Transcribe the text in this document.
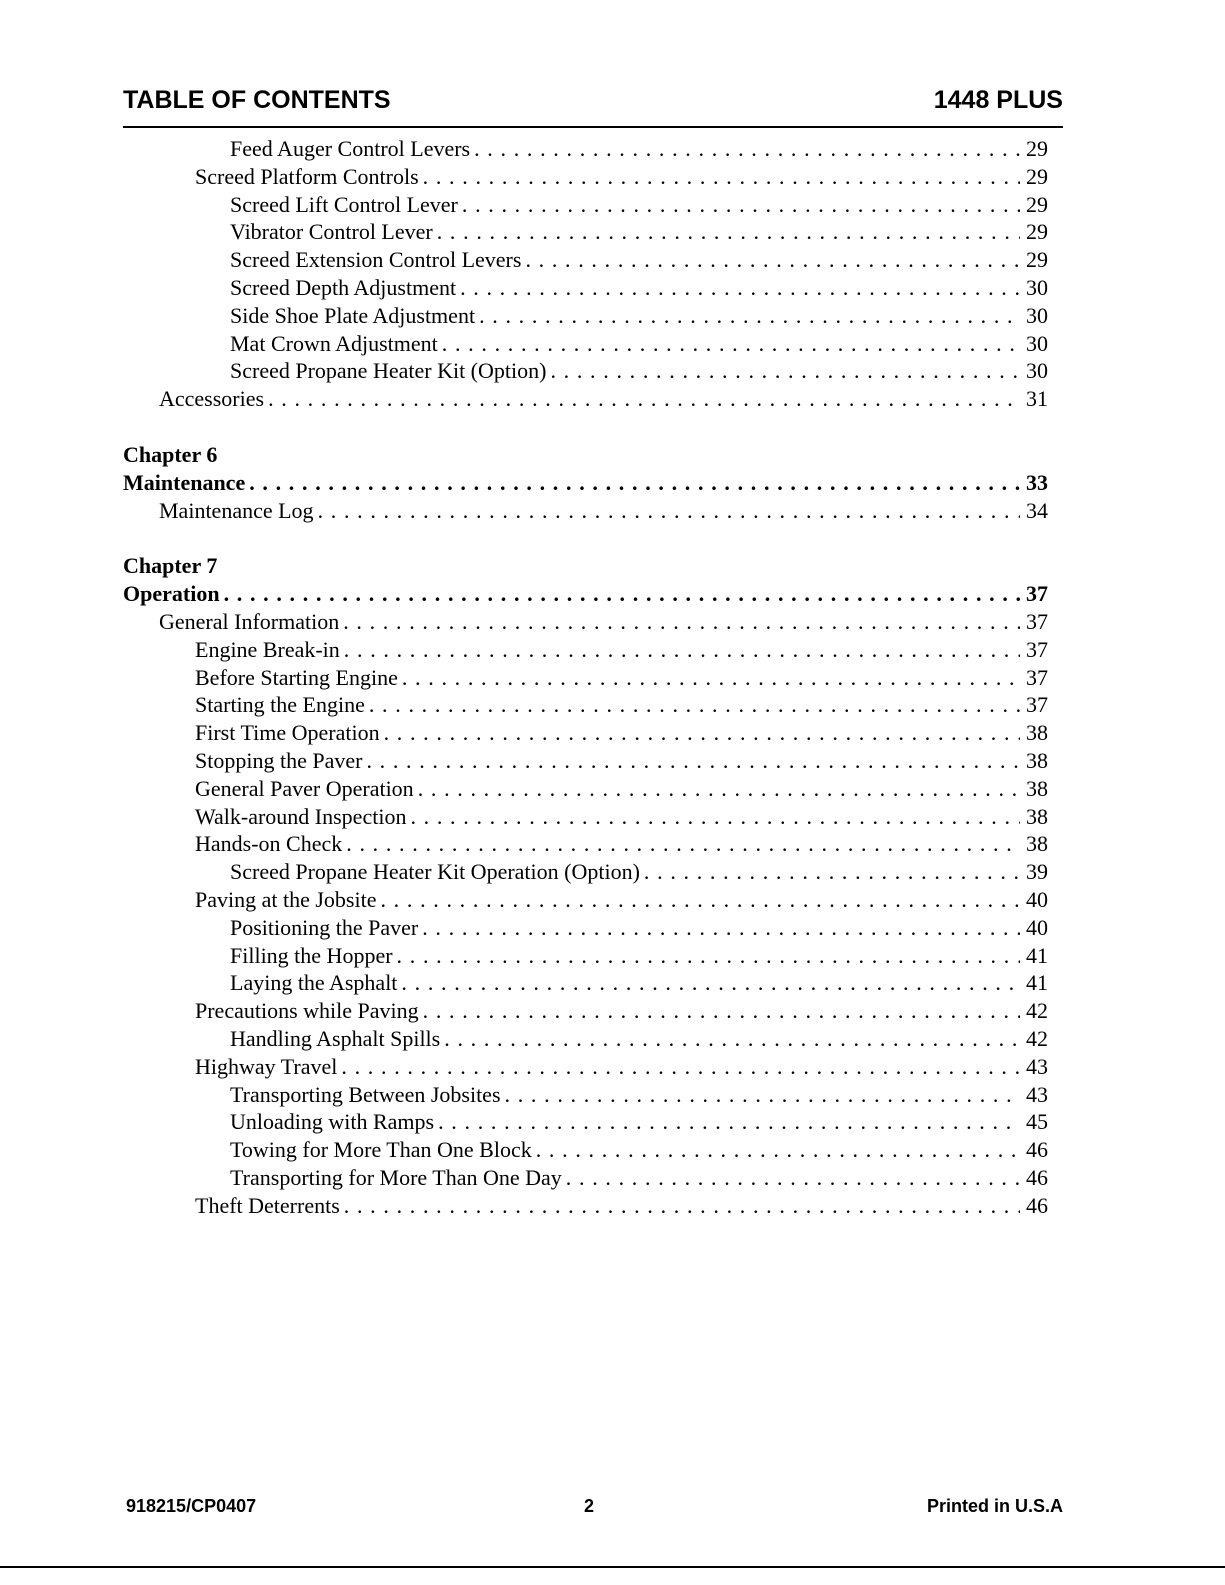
TABLE OF CONTENTS	1448 PLUS
Feed Auger Control Levers . . .	29
Screed Platform Controls . . .	29
Screed Lift Control Lever . . .	29
Vibrator Control Lever . . .	29
Screed Extension Control Levers . . .	29
Screed Depth Adjustment . . .	30
Side Shoe Plate Adjustment . . .	30
Mat Crown Adjustment . . .	30
Screed Propane Heater Kit (Option) . . .	30
Accessories . . .	31
Chapter 6
Maintenance . . .	33
Maintenance Log . . .	34
Chapter 7
Operation . . .	37
General Information . . .	37
Engine Break-in . . .	37
Before Starting Engine . . .	37
Starting the Engine . . .	37
First Time Operation . . .	38
Stopping the Paver . . .	38
General Paver Operation . . .	38
Walk-around Inspection . . .	38
Hands-on Check . . .	38
Screed Propane Heater Kit Operation (Option) . . .	39
Paving at the Jobsite . . .	40
Positioning the Paver . . .	40
Filling the Hopper . . .	41
Laying the Asphalt . . .	41
Precautions while Paving . . .	42
Handling Asphalt Spills . . .	42
Highway Travel . . .	43
Transporting Between Jobsites . . .	43
Unloading with Ramps . . .	45
Towing for More Than One Block . . .	46
Transporting for More Than One Day . . .	46
Theft Deterrents . . .	46
918215/CP0407	2	Printed in U.S.A
